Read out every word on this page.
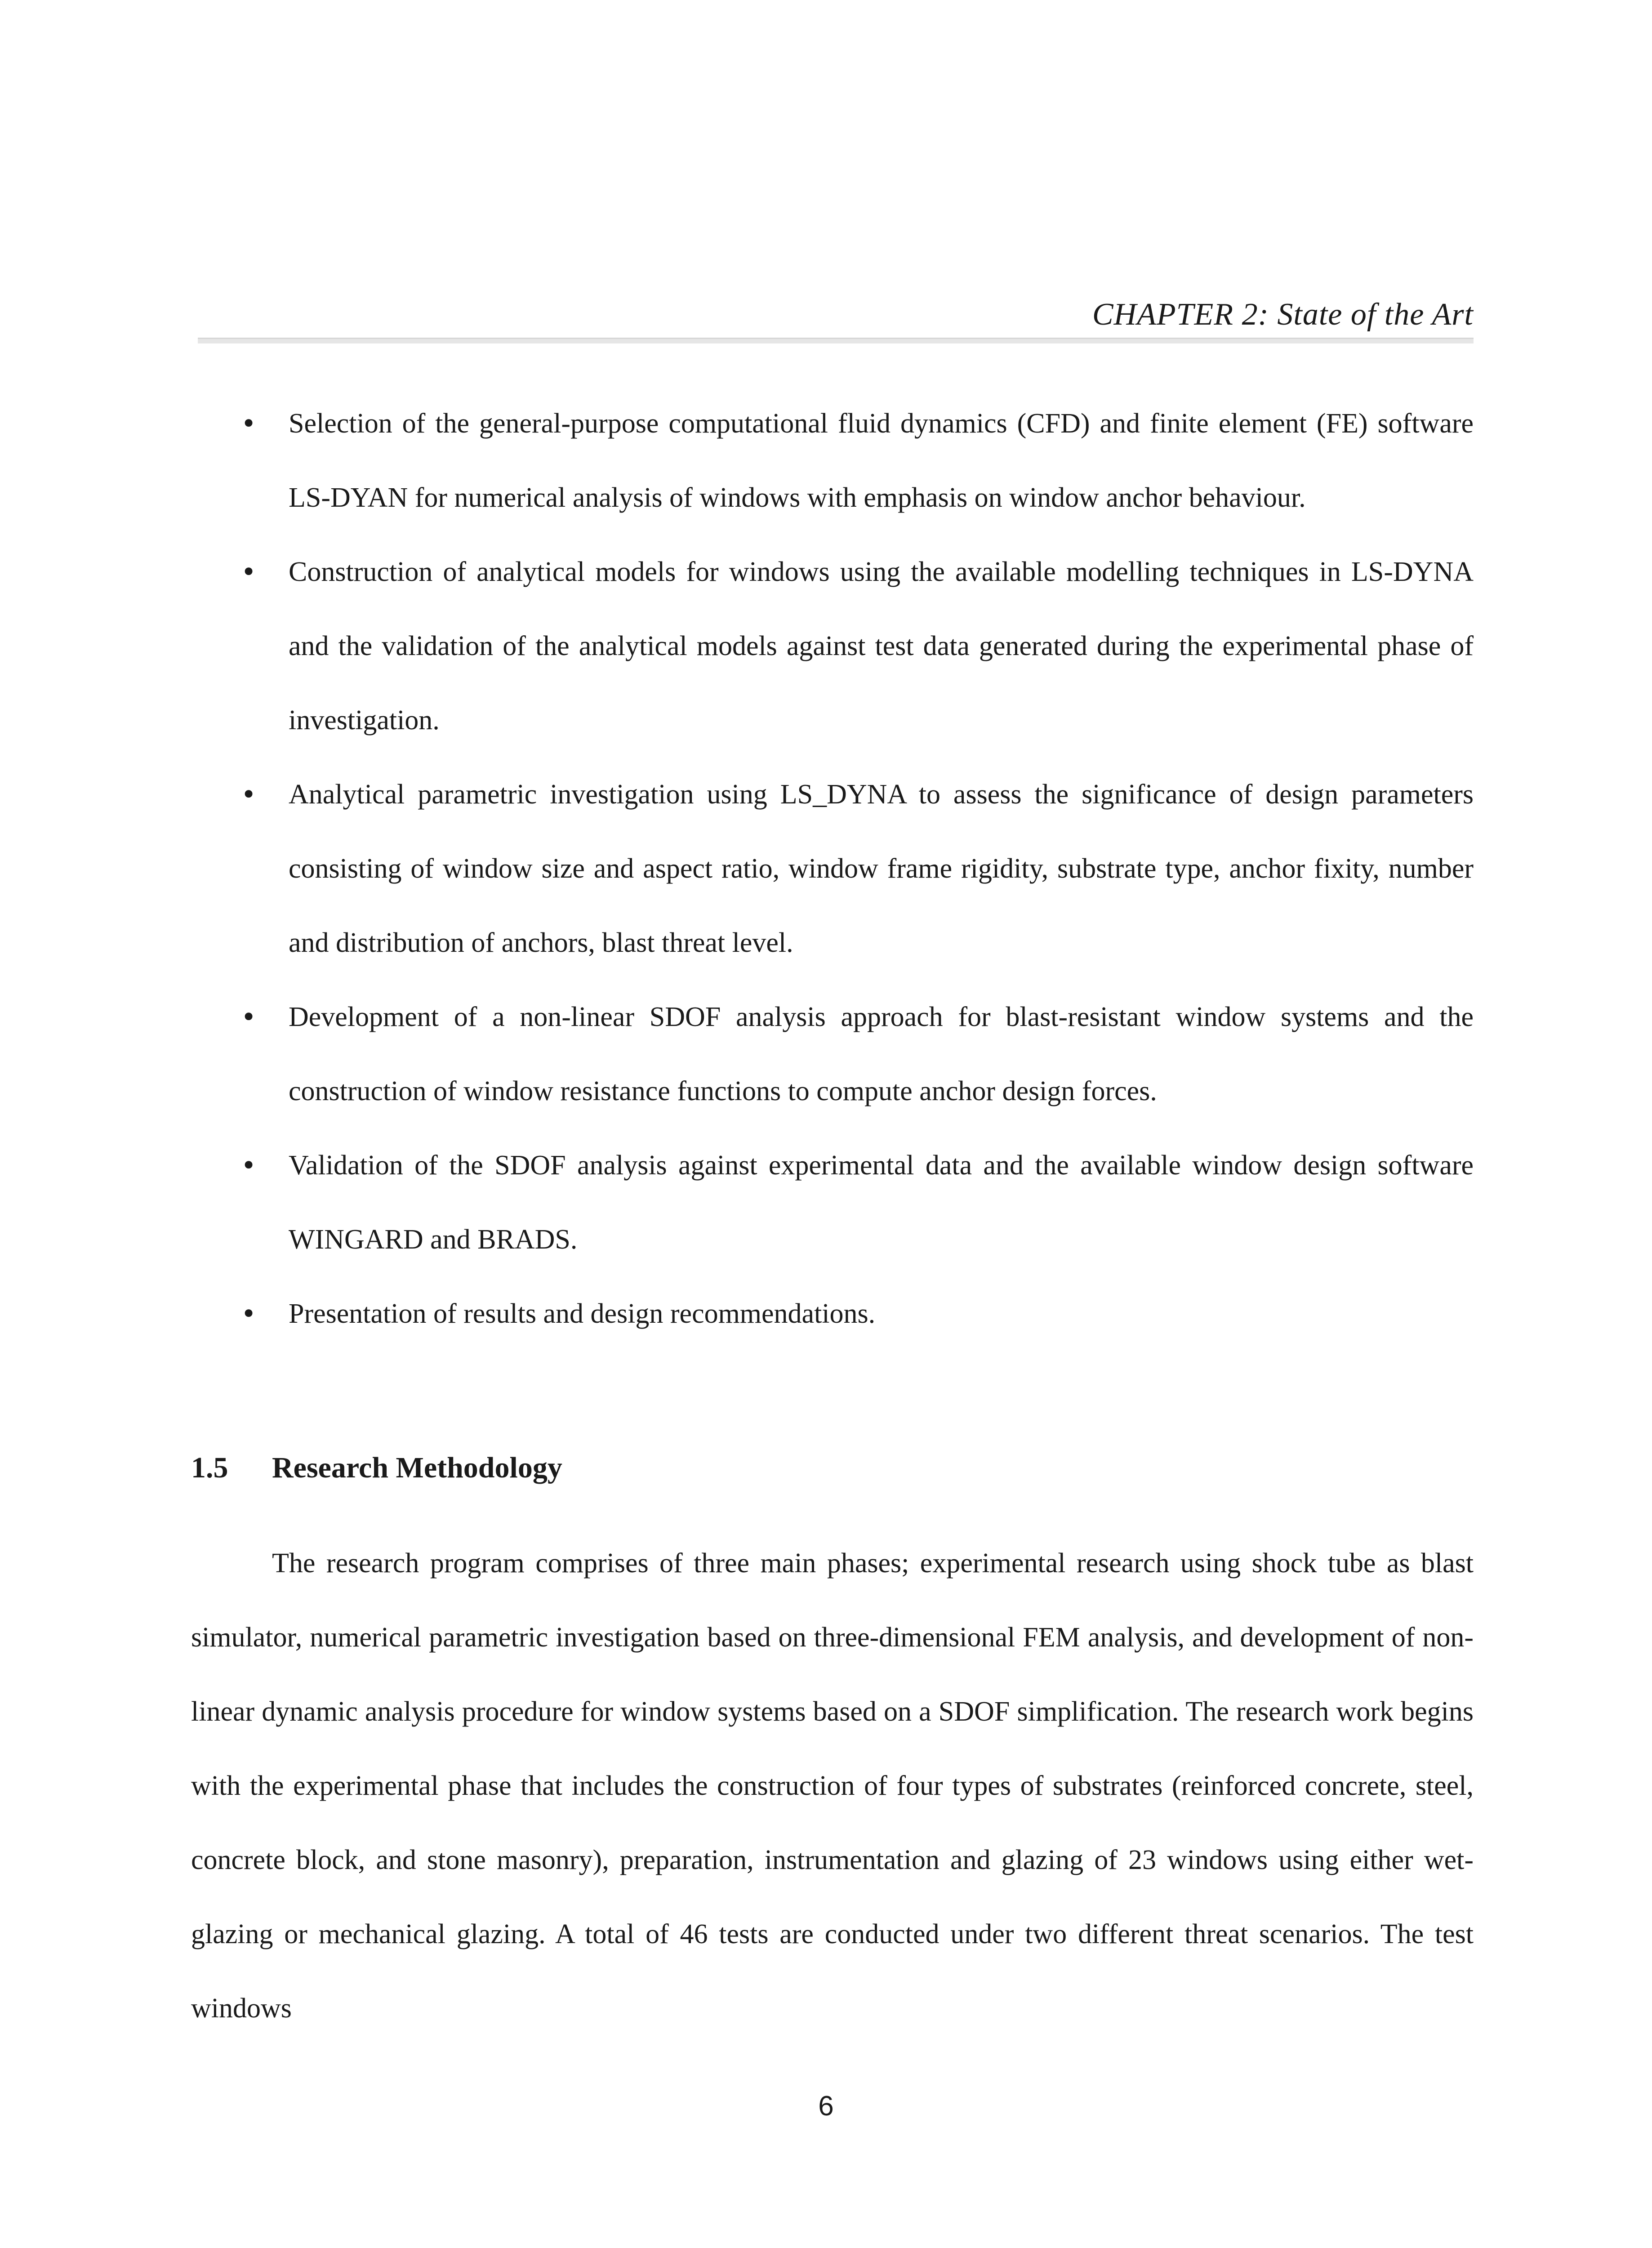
CHAPTER 2: State of the Art
• Selection of the general-purpose computational fluid dynamics (CFD) and finite element (FE) software LS-DYAN for numerical analysis of windows with emphasis on window anchor behaviour.
• Construction of analytical models for windows using the available modelling techniques in LS-DYNA and the validation of the analytical models against test data generated during the experimental phase of investigation.
• Analytical parametric investigation using LS_DYNA to assess the significance of design parameters consisting of window size and aspect ratio, window frame rigidity, substrate type, anchor fixity, number and distribution of anchors, blast threat level.
• Development of a non-linear SDOF analysis approach for blast-resistant window systems and the construction of window resistance functions to compute anchor design forces.
• Validation of the SDOF analysis against experimental data and the available window design software WINGARD and BRADS.
• Presentation of results and design recommendations.
1.5 Research Methodology

The research program comprises of three main phases; experimental research using shock tube as blast simulator, numerical parametric investigation based on three-dimensional FEM analysis, and development of non-linear dynamic analysis procedure for window systems based on a SDOF simplification. The research work begins with the experimental phase that includes the construction of four types of substrates (reinforced concrete, steel, concrete block, and stone masonry), preparation, instrumentation and glazing of 23 windows using either wet-glazing or mechanical glazing. A total of 46 tests are conducted under two different threat scenarios. The test windows

6
